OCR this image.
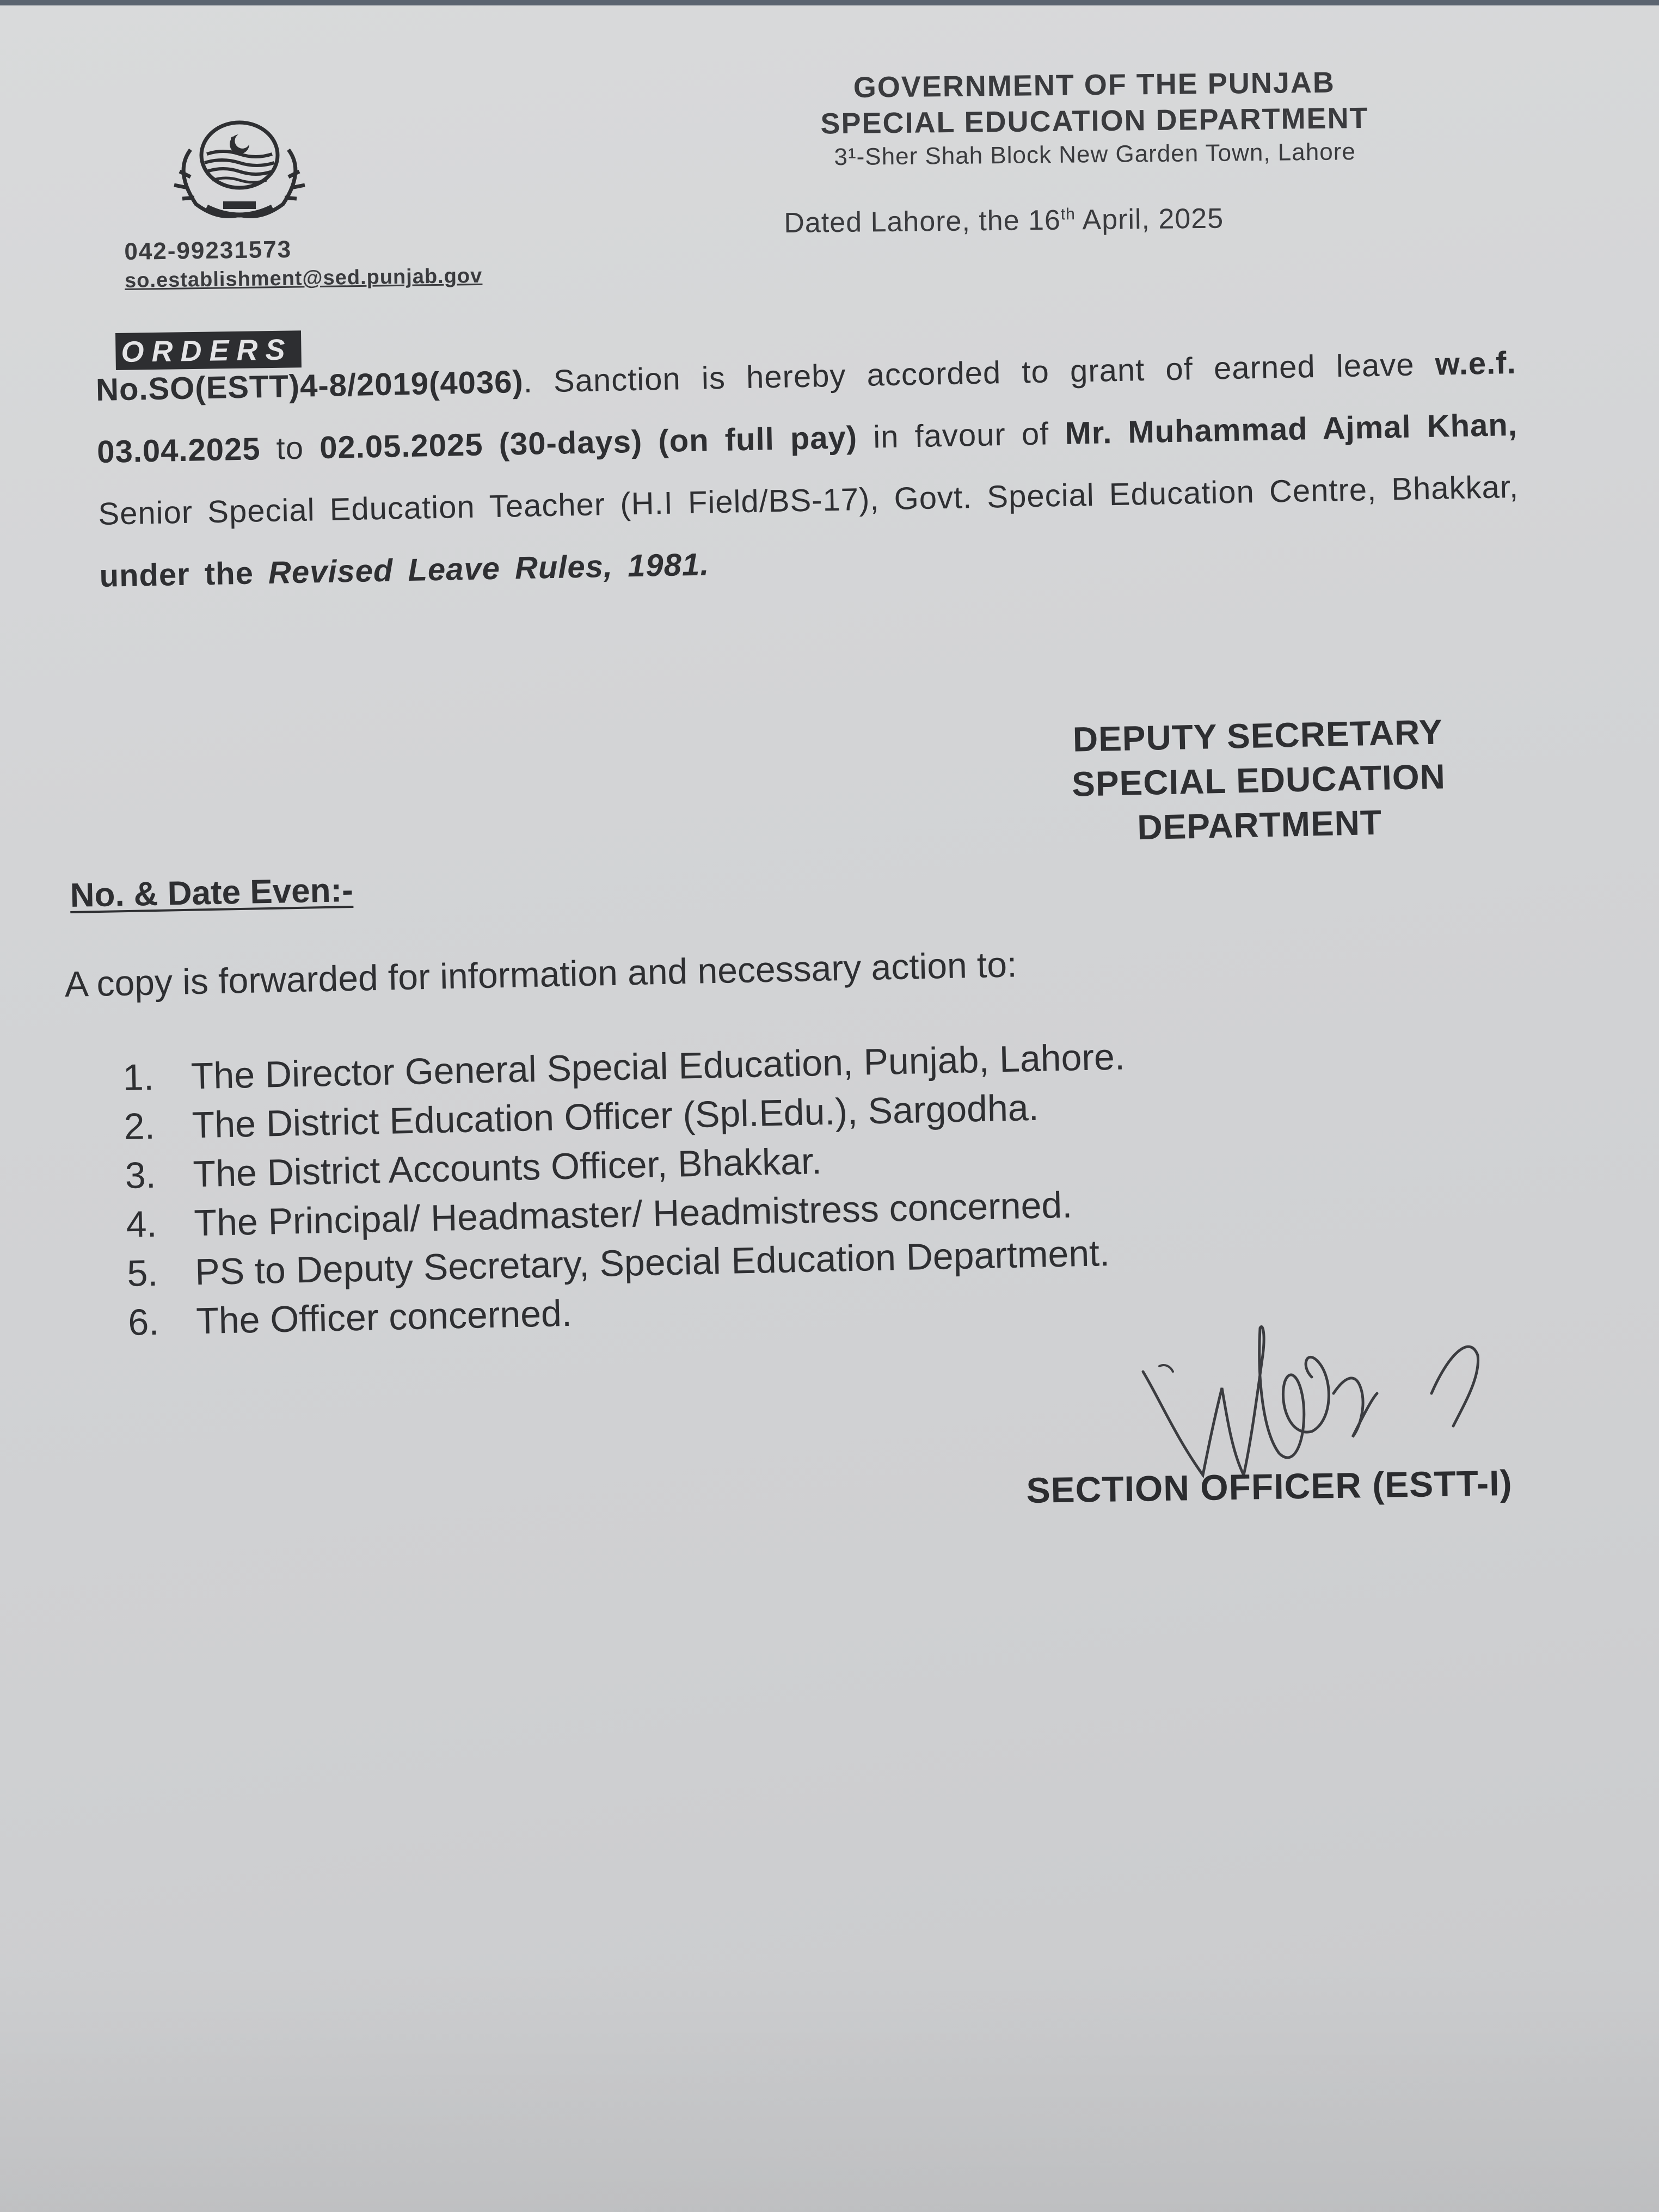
GOVERNMENT OF THE PUNJAB
SPECIAL EDUCATION DEPARTMENT
3¹-Sher Shah Block New Garden Town, Lahore
Dated Lahore, the 16th April, 2025
042-99231573
so.establishment@sed.punjab.gov
ORDERS
No.SO(ESTT)4-8/2019(4036). Sanction is hereby accorded to grant of earned leave w.e.f. 03.04.2025 to 02.05.2025 (30-days) (on full pay) in favour of Mr. Muhammad Ajmal Khan, Senior Special Education Teacher (H.I Field/BS-17), Govt. Special Education Centre, Bhakkar, under the Revised Leave Rules, 1981.
DEPUTY SECRETARY
SPECIAL EDUCATION
DEPARTMENT
No. & Date Even:-
A copy is forwarded for information and necessary action to:
1. The Director General Special Education, Punjab, Lahore.
2. The District Education Officer (Spl.Edu.), Sargodha.
3. The District Accounts Officer, Bhakkar.
4. The Principal/ Headmaster/ Headmistress concerned.
5. PS to Deputy Secretary, Special Education Department.
6. The Officer concerned.
SECTION OFFICER (ESTT-I)
